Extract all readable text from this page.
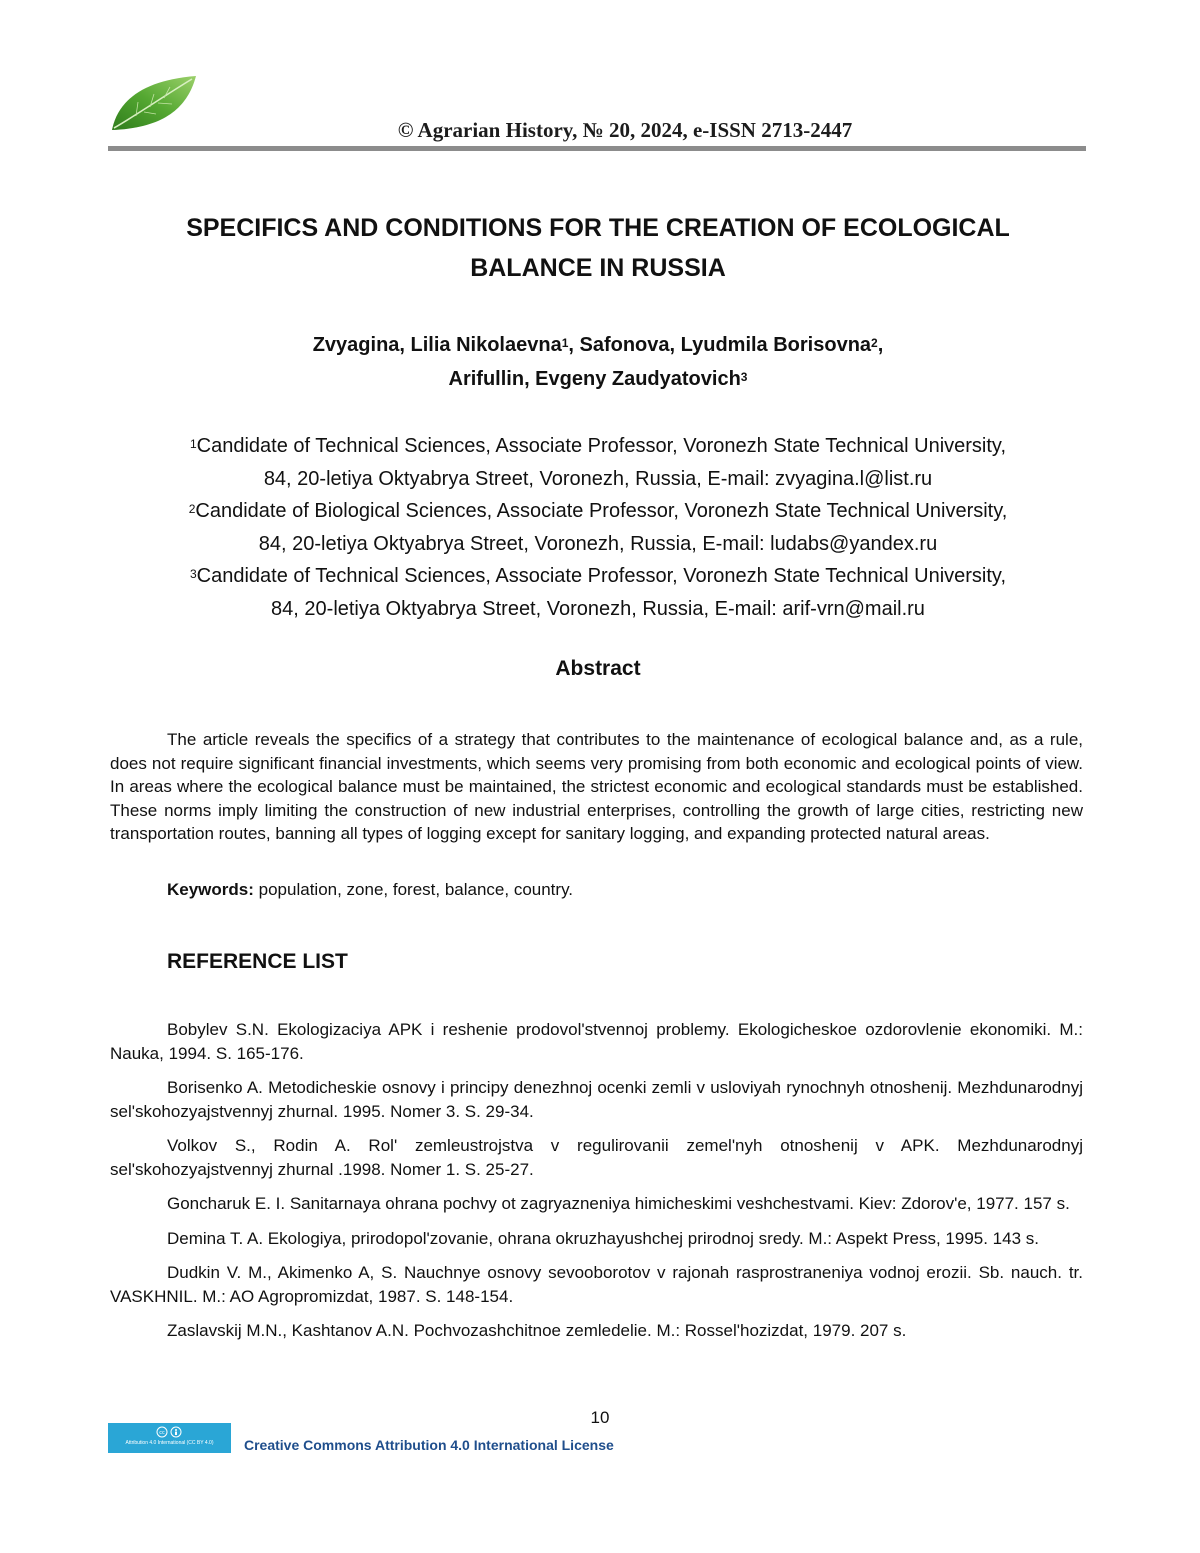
© Agrarian History, № 20, 2024, e-ISSN 2713-2447
SPECIFICS AND CONDITIONS FOR THE CREATION OF ECOLOGICAL
BALANCE IN RUSSIA
Zvyagina, Lilia Nikolaevna$^1$, Safonova, Lyudmila Borisovna$^2$,
Arifullin, Evgeny Zaudyatovich$^3$
$^1$Candidate of Technical Sciences, Associate Professor, Voronezh State Technical University,
84, 20-letiya Oktyabrya Street, Voronezh, Russia, E-mail: zvyagina.l@list.ru
$^2$Candidate of Biological Sciences, Associate Professor, Voronezh State Technical University,
84, 20-letiya Oktyabrya Street, Voronezh, Russia, E-mail: ludabs@yandex.ru
$^3$Candidate of Technical Sciences, Associate Professor, Voronezh State Technical University,
84, 20-letiya Oktyabrya Street, Voronezh, Russia, E-mail: arif-vrn@mail.ru
Abstract
The article reveals the specifics of a strategy that contributes to the maintenance of ecological balance and, as a rule, does not require significant financial investments, which seems very promising from both economic and ecological points of view. In areas where the ecological balance must be maintained, the strictest economic and ecological standards must be established. These norms imply limiting the construction of new industrial enterprises, controlling the growth of large cities, restricting new transportation routes, banning all types of logging except for sanitary logging, and expanding protected natural areas.
Keywords: population, zone, forest, balance, country.
REFERENCE LIST

Bobylev S.N. Ekologizaciya APK i reshenie prodovol'stvennoj problemy. Ekologicheskoe ozdorovlenie ekonomiki. M.: Nauka, 1994. S. 165-176.

Borisenko A. Metodicheskie osnovy i principy denezhnoj ocenki zemli v usloviyah rynochnyh otnoshenij. Mezhdunarodnyj sel'skohozyajstvennyj zhurnal. 1995. Nomer 3. S. 29-34.

Volkov S., Rodin A. Rol' zemleustrojstva v regulirovanii zemel'nyh otnoshenij v APK. Mezhdunarodnyj sel'skohozyajstvennyj zhurnal .1998. Nomer 1. S. 25-27.

Goncharuk E. I. Sanitarnaya ohrana pochvy ot zagryazneniya himicheskimi veshchestvami. Kiev: Zdorov'e, 1977. 157 s.

Demina T. A. Ekologiya, prirodopol'zovanie, ohrana okruzhayushchej prirodnoj sredy. M.: Aspekt Press, 1995. 143 s.

Dudkin V. M., Akimenko A, S. Nauchnye osnovy sevooborotov v rajonah rasprostraneniya vodnoj erozii. Sb. nauch. tr. VASKHNIL. M.: AO Agropromizdat, 1987. S. 148-154.

Zaslavskij M.N., Kashtanov A.N. Pochvozashchitnoe zemledelie. M.: Rossel'hozizdat, 1979. 207 s.

10
cc
Attribution 4.0 International (CC BY 4.0)	Creative Commons Attribution 4.0 International License
